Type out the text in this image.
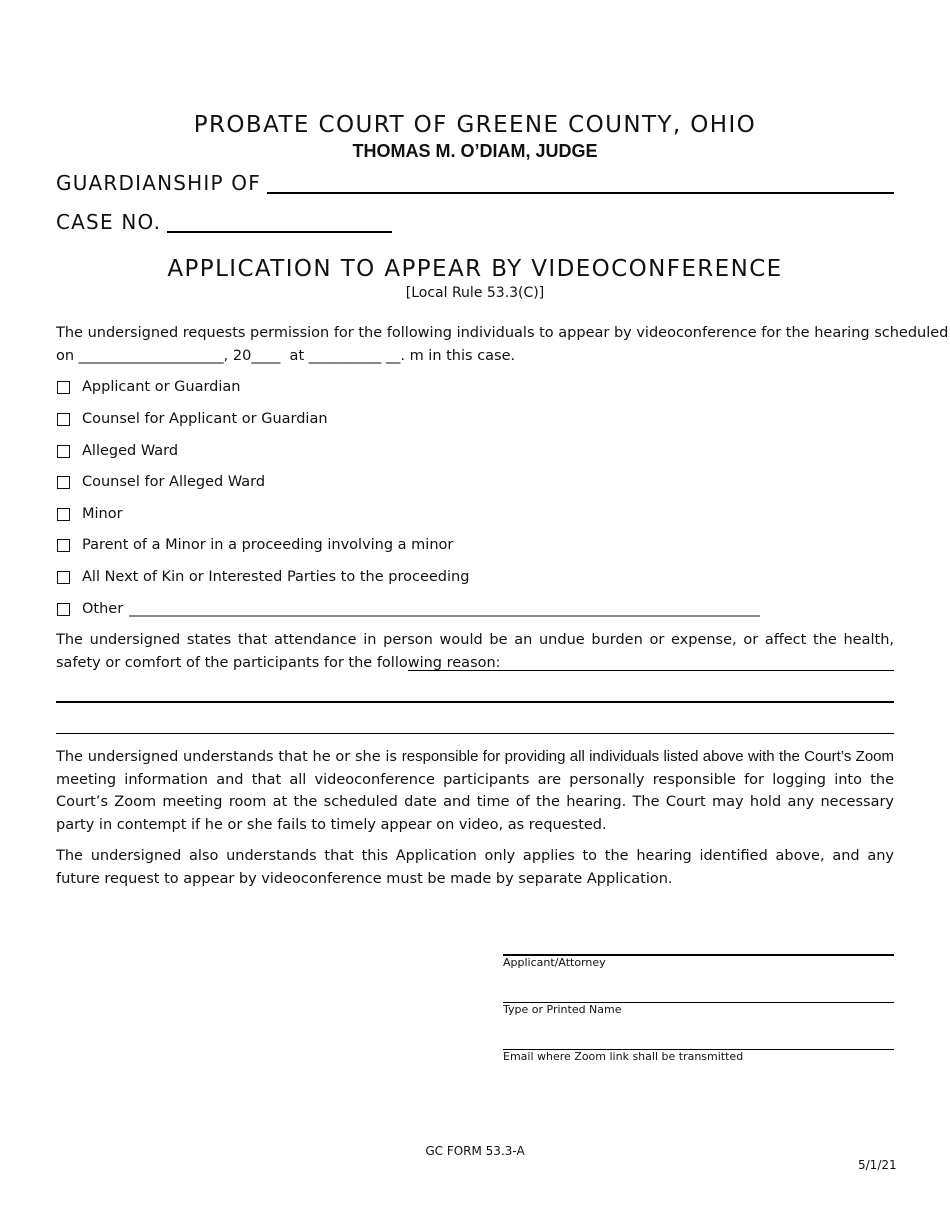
PROBATE COURT OF GREENE COUNTY, OHIO
THOMAS M. O’DIAM, JUDGE
GUARDIANSHIP OF
CASE NO.
APPLICATION TO APPEAR BY VIDEOCONFERENCE
[Local Rule 53.3(C)]
The undersigned requests permission for the following individuals to appear by videoconference for the hearing scheduled
on ____________________, 20____  at __________ __. m in this case.
Applicant or Guardian
Counsel for Applicant or Guardian
Alleged Ward
Counsel for Alleged Ward
Minor
Parent of a Minor in a proceeding involving a minor
All Next of Kin or Interested Parties to the proceeding
Other _______________________________________________________________________________________
The undersigned states that attendance in person would be an undue burden or expense, or affect the health, safety or comfort of the participants for the following reason:
The undersigned understands that he or she is responsible for providing all individuals listed above with the Court’s Zoom meeting information and that all videoconference participants are personally responsible for logging into the Court’s Zoom meeting room at the scheduled date and time of the hearing. The Court may hold any necessary party in contempt if he or she fails to timely appear on video, as requested.
The undersigned also understands that this Application only applies to the hearing identified above, and any future request to appear by videoconference must be made by separate Application.
Applicant/Attorney
Type or Printed Name
Email where Zoom link shall be transmitted
GC FORM 53.3-A
5/1/21
